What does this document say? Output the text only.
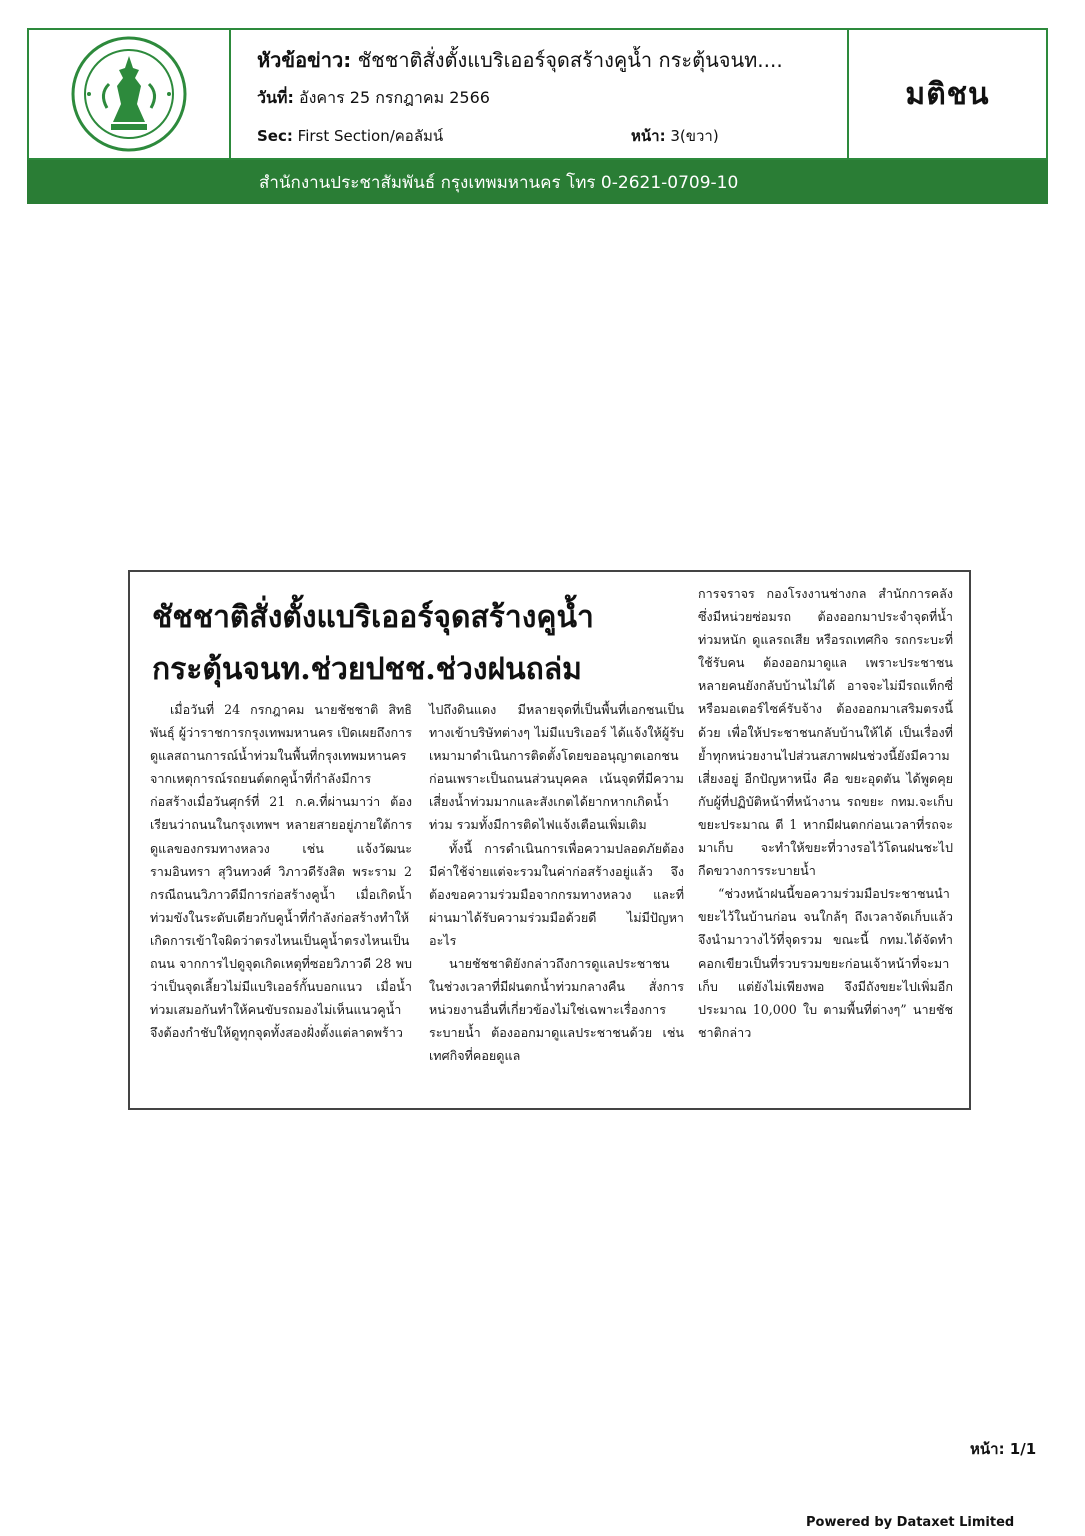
หัวข้อข่าว: ชัชชาติสั่งตั้งแบริเออร์จุดสร้างคูน้ำ กระตุ้นจนท....
วันที่: อังคาร 25 กรกฎาคม 2566
Sec: First Section/คอลัมน์	หน้า: 3(ขวา)
มติชน
สำนักงานประชาสัมพันธ์ กรุงเทพมหานคร โทร 0-2621-0709-10
ชัชชาติสั่งตั้งแบริเออร์จุดสร้างคูน้ำ
กระตุ้นจนท.ช่วยปชช.ช่วงฝนถล่ม

เมื่อวันที่ 24 กรกฎาคม นายชัชชาติ สิทธิพันธุ์ ผู้ว่าราชการกรุงเทพมหานคร เปิดเผยถึงการดูแลสถานการณ์น้ำท่วมในพื้นที่กรุงเทพมหานคร จากเหตุการณ์รถยนต์ตกคูน้ำที่กำลังมีการก่อสร้างเมื่อวันศุกร์ที่ 21 ก.ค.ที่ผ่านมาว่า ต้องเรียนว่าถนนในกรุงเทพฯ หลายสายอยู่ภายใต้การดูแลของกรมทางหลวง เช่น แจ้งวัฒนะ รามอินทรา สุวินทวงศ์ วิภาวดีรังสิต พระราม 2 กรณีถนนวิภาวดีมีการก่อสร้างคูน้ำ เมื่อเกิดน้ำท่วมขังในระดับเดียวกับคูน้ำที่กำลังก่อสร้างทำให้เกิดการเข้าใจผิดว่าตรงไหนเป็นคูน้ำตรงไหนเป็นถนน จากการไปดูจุดเกิดเหตุที่ซอยวิภาวดี 28 พบว่าเป็นจุดเลี้ยวไม่มีแบริเออร์กั้นบอกแนว เมื่อน้ำท่วมเสมอกันทำให้คนขับรถมองไม่เห็นแนวคูน้ำ จึงต้องกำชับให้ดูทุกจุดทั้งสองฝั่งตั้งแต่ลาดพร้าว

ไปถึงดินแดง มีหลายจุดที่เป็นพื้นที่เอกชนเป็นทางเข้าบริษัทต่างๆ ไม่มีแบริเออร์ ได้แจ้งให้ผู้รับเหมามาดำเนินการติดตั้งโดยขออนุญาตเอกชนก่อนเพราะเป็นถนนส่วนบุคคล เน้นจุดที่มีความเสี่ยงน้ำท่วมมากและสังเกตได้ยากหากเกิดน้ำท่วม รวมทั้งมีการติดไฟแจ้งเตือนเพิ่มเติม

ทั้งนี้ การดำเนินการเพื่อความปลอดภัยต้องมีค่าใช้จ่ายแต่จะรวมในค่าก่อสร้างอยู่แล้ว จึงต้องขอความร่วมมือจากกรมทางหลวง และที่ผ่านมาได้รับความร่วมมือด้วยดี ไม่มีปัญหาอะไร

นายชัชชาติยังกล่าวถึงการดูแลประชาชนในช่วงเวลาที่มีฝนตกน้ำท่วมกลางคืน สั่งการหน่วยงานอื่นที่เกี่ยวข้องไม่ใช่เฉพาะเรื่องการระบายน้ำ ต้องออกมาดูแลประชาชนด้วย เช่น เทศกิจที่คอยดูแล

การจราจร กองโรงงานช่างกล สำนักการคลัง ซึ่งมีหน่วยซ่อมรถ ต้องออกมาประจำจุดที่น้ำท่วมหนัก ดูแลรถเสีย หรือรถเทศกิจ รถกระบะที่ใช้รับคน ต้องออกมาดูแล เพราะประชาชนหลายคนยังกลับบ้านไม่ได้ อาจจะไม่มีรถแท็กซี่หรือมอเตอร์ไซค์รับจ้าง ต้องออกมาเสริมตรงนี้ด้วย เพื่อให้ประชาชนกลับบ้านให้ได้ เป็นเรื่องที่ย้ำทุกหน่วยงานไปส่วนสภาพฝนช่วงนี้ยังมีความเสี่ยงอยู่ อีกปัญหาหนึ่ง คือ ขยะอุดตัน ได้พูดคุยกับผู้ที่ปฏิบัติหน้าที่หน้างาน รถขยะ กทม.จะเก็บขยะประมาณ ตี 1 หากมีฝนตกก่อนเวลาที่รถจะมาเก็บ จะทำให้ขยะที่วางรอไว้โดนฝนชะไปกีดขวางการระบายน้ำ

“ช่วงหน้าฝนนี้ขอความร่วมมือประชาชนนำขยะไว้ในบ้านก่อน จนใกล้ๆ ถึงเวลาจัดเก็บแล้วจึงนำมาวางไว้ที่จุดรวม ขณะนี้ กทม.ได้จัดทำคอกเขียวเป็นที่รวบรวมขยะก่อนเจ้าหน้าที่จะมาเก็บ แต่ยังไม่เพียงพอ จึงมีถังขยะไปเพิ่มอีกประมาณ 10,000 ใบ ตามพื้นที่ต่างๆ” นายชัชชาติกล่าว

หน้า: 1/1
Powered by Dataxet Limited
